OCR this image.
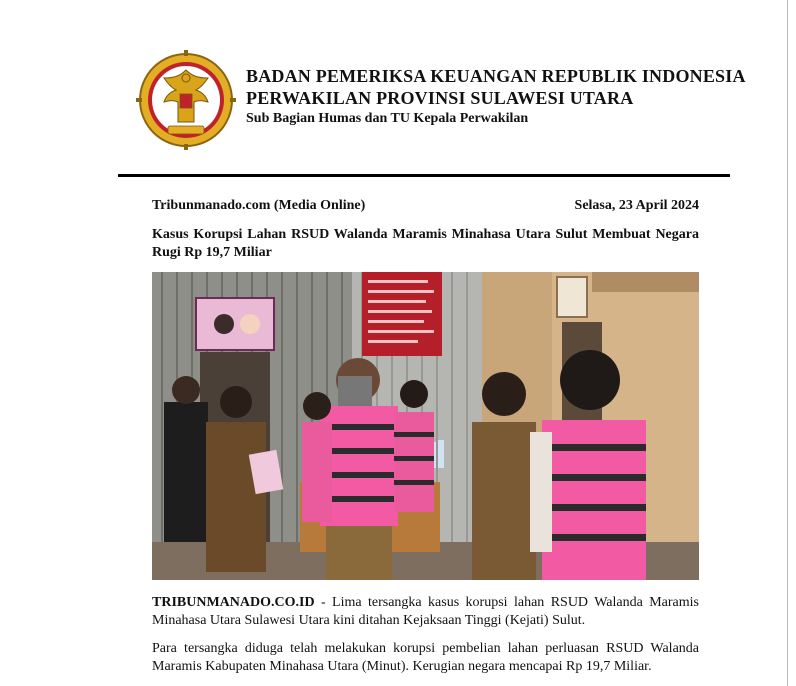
BADAN PEMERIKSA KEUANGAN REPUBLIK INDONESIA
PERWAKILAN PROVINSI SULAWESI UTARA
Sub Bagian Humas dan TU Kepala Perwakilan
Tribunmanado.com (Media Online)	Selasa, 23 April 2024
Kasus Korupsi Lahan RSUD Walanda Maramis Minahasa Utara Sulut Membuat Negara Rugi Rp 19,7 Miliar

TRIBUNMANADO.CO.ID - Lima tersangka kasus korupsi lahan RSUD Walanda Maramis Minahasa Utara Sulawesi Utara kini ditahan Kejaksaan Tinggi (Kejati) Sulut.

Para tersangka diduga telah melakukan korupsi pembelian lahan perluasan RSUD Walanda Maramis Kabupaten Minahasa Utara (Minut). Kerugian negara mencapai Rp 19,7 Miliar.
